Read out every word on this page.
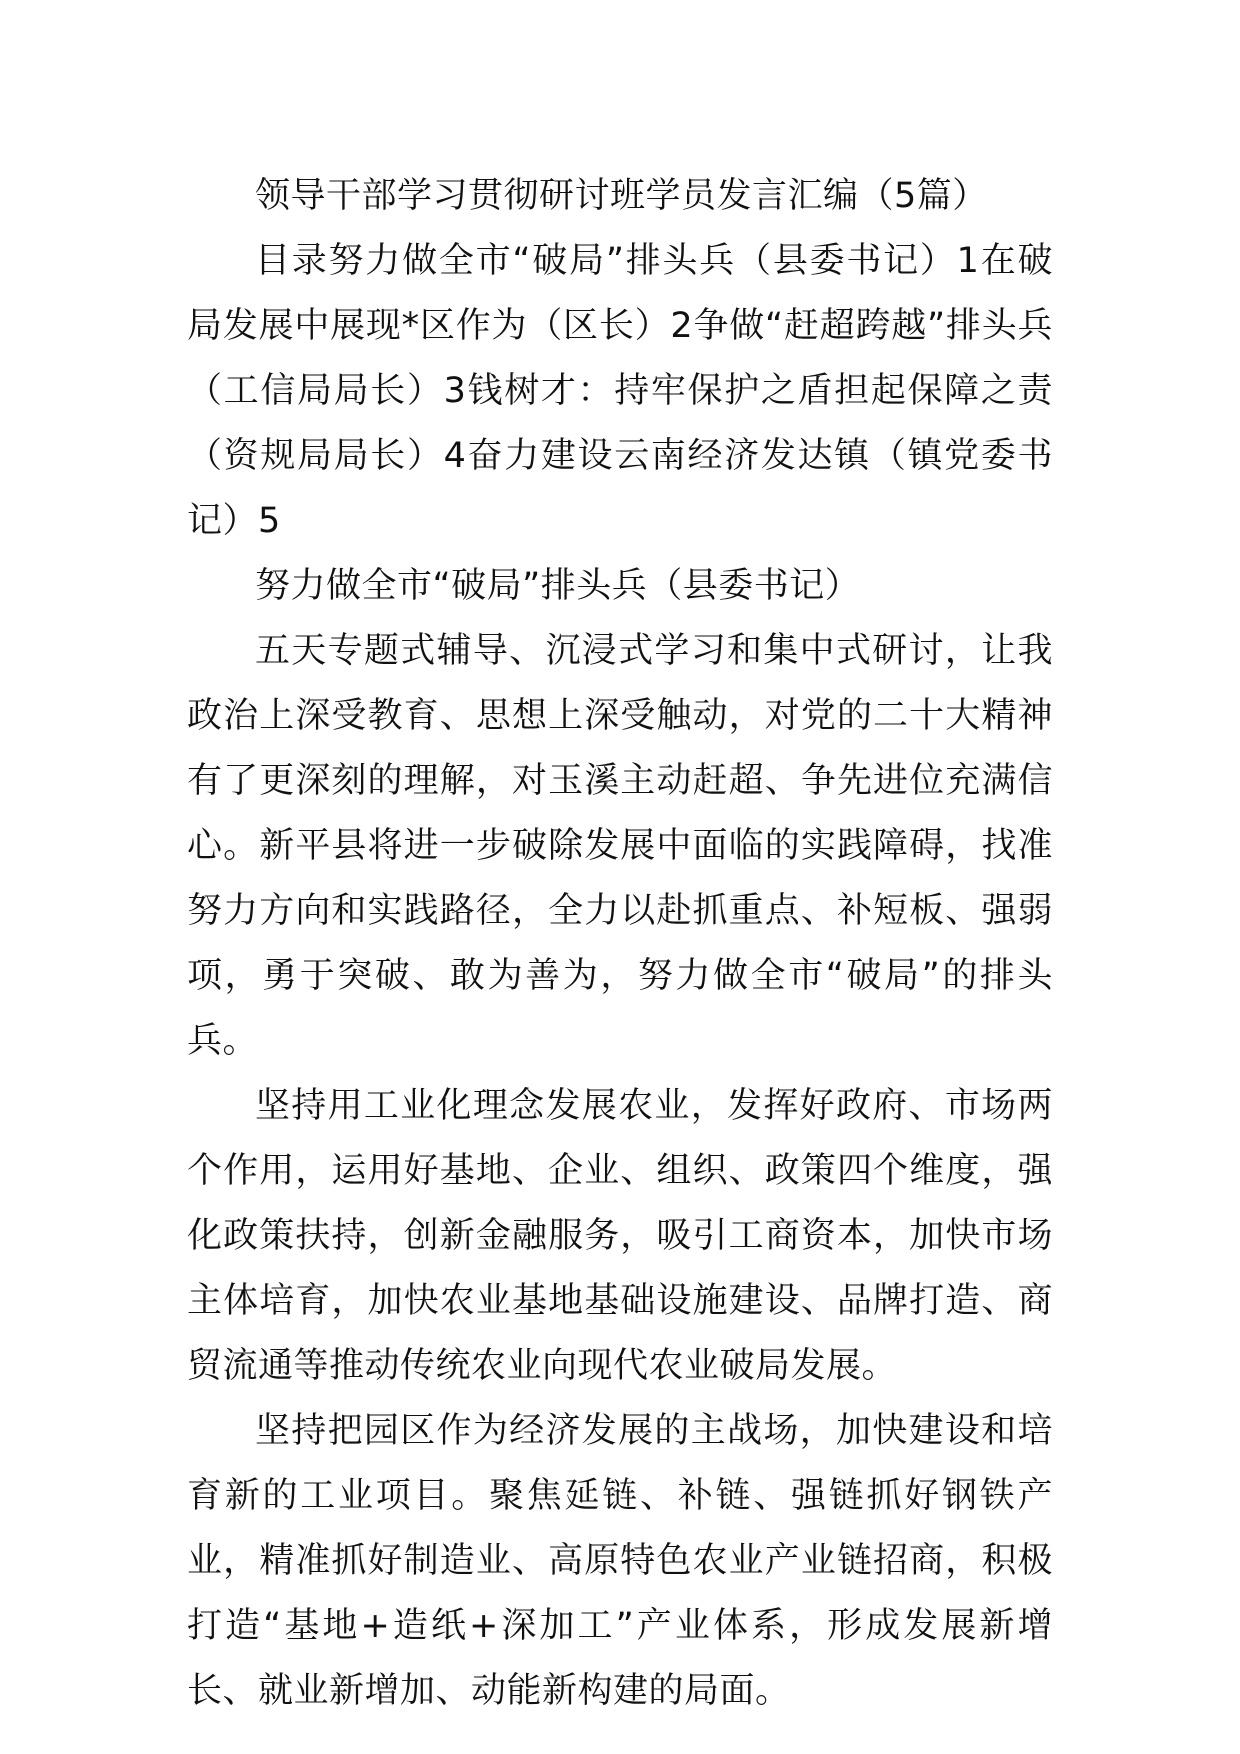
领导干部学习贯彻研讨班学员发言汇编（5篇）

目录努力做全市“破局”排头兵（县委书记）1在破局发展中展现*区作为（区长）2争做“赶超跨越”排头兵（工信局局长）3钱树才：持牢保护之盾担起保障之责（资规局局长）4奋力建设云南经济发达镇（镇党委书记）5

努力做全市“破局”排头兵（县委书记）

五天专题式辅导、沉浸式学习和集中式研讨，让我政治上深受教育、思想上深受触动，对党的二十大精神有了更深刻的理解，对玉溪主动赶超、争先进位充满信心。新平县将进一步破除发展中面临的实践障碍，找准努力方向和实践路径，全力以赴抓重点、补短板、强弱项，勇于突破、敢为善为，努力做全市“破局”的排头兵。

坚持用工业化理念发展农业，发挥好政府、市场两个作用，运用好基地、企业、组织、政策四个维度，强化政策扶持，创新金融服务，吸引工商资本，加快市场主体培育，加快农业基地基础设施建设、品牌打造、商贸流通等推动传统农业向现代农业破局发展。

坚持把园区作为经济发展的主战场，加快建设和培育新的工业项目。聚焦延链、补链、强链抓好钢铁产业，精准抓好制造业、高原特色农业产业链招商，积极打造“基地+造纸+深加工”产业体系，形成发展新增长、就业新增加、动能新构建的局面。
